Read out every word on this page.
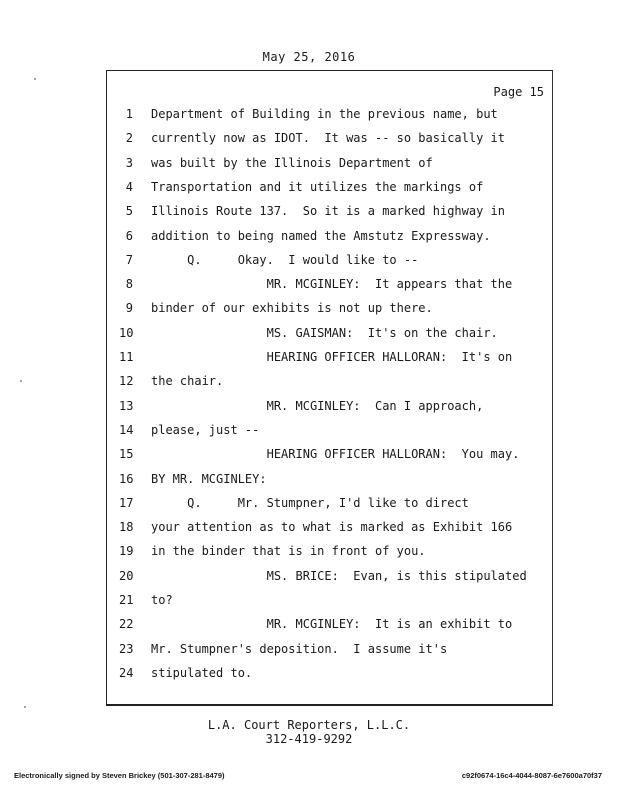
May 25, 2016
Page 15
1 Department of Building in the previous name, but
2 currently now as IDOT.  It was -- so basically it
3 was built by the Illinois Department of
4 Transportation and it utilizes the markings of
5 Illinois Route 137.  So it is a marked highway in
6 addition to being named the Amstutz Expressway.
7 Q.     Okay.  I would like to --
8 MR. MCGINLEY:  It appears that the
9 binder of our exhibits is not up there.
10 MS. GAISMAN:  It's on the chair.
11 HEARING OFFICER HALLORAN:  It's on
12 the chair.
13 MR. MCGINLEY:  Can I approach,
14 please, just --
15 HEARING OFFICER HALLORAN:  You may.
16 BY MR. MCGINLEY:
17 Q.     Mr. Stumpner, I'd like to direct
18 your attention as to what is marked as Exhibit 166
19 in the binder that is in front of you.
20 MS. BRICE:  Evan, is this stipulated
21 to?
22 MR. MCGINLEY:  It is an exhibit to
23 Mr. Stumpner's deposition.  I assume it's
24 stipulated to.
L.A. Court Reporters, L.L.C.
312-419-9292
Electronically signed by Steven Brickey (501-307-281-8479)	c92f0674-16c4-4044-8087-6e7600a70f37
